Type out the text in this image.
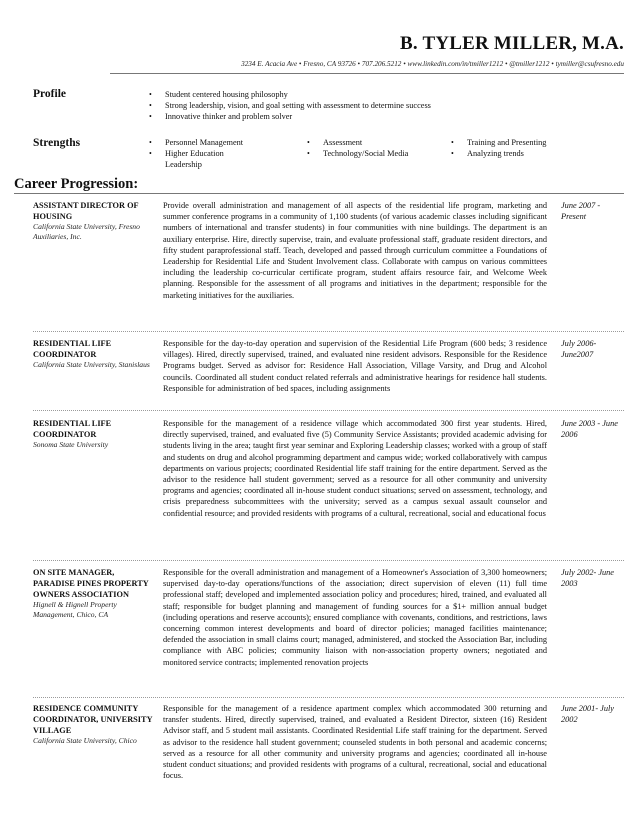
B. TYLER MILLER, M.A.
3234 E. Acacia Ave • Fresno, CA 93726 • 707.206.5212 • www.linkedin.com/in/tmiller1212 • @tmiller1212 • tymiller@csufresno.edu
Profile	• Student centered housing philosophy
• Strong leadership, vision, and goal setting with assessment to determine success
• Innovative thinker and problem solver
Strengths	• Personnel Management
• Higher Education Leadership
• Assessment
• Technology/Social Media
• Training and Presenting
• Analyzing trends
Career Progression:
ASSISTANT DIRECTOR OF HOUSING
California State University, Fresno Auxiliaries, Inc.
Provide overall administration and management of all aspects of the residential life program, marketing and summer conference programs in a community of 1,100 students (of various academic classes including significant numbers of international and transfer students) in four communities with nine buildings. The department is an auxiliary enterprise. Hire, directly supervise, train, and evaluate professional staff, graduate resident directors, and fifty student paraprofessional staff. Teach, developed and passed through curriculum committee a Foundations of Leadership for Residential Life and Student Involvement class. Collaborate with campus on various committees including the leadership co-curricular certificate program, student affairs resource fair, and Welcome Week planning. Responsible for the assessment of all programs and initiatives in the department; responsible for the marketing initiatives for the auxiliaries.
June 2007 - Present
RESIDENTIAL LIFE COORDINATOR
California State University, Stanislaus
Responsible for the day-to-day operation and supervision of the Residential Life Program (600 beds; 3 residence villages). Hired, directly supervised, trained, and evaluated nine resident advisors. Responsible for the Residence Programs budget. Served as advisor for: Residence Hall Association, Village Varsity, and Drug and Alcohol councils. Coordinated all student conduct related referrals and administrative hearings for residence hall students. Responsible for administration of bed spaces, including assignments
July 2006- June2007
RESIDENTIAL LIFE COORDINATOR
Sonoma State University
Responsible for the management of a residence village which accommodated 300 first year students. Hired, directly supervised, trained, and evaluated five (5) Community Service Assistants; provided academic advising for students living in the area; taught first year seminar and Exploring Leadership classes; worked with a group of staff and students on drug and alcohol programming department and campus wide; worked collaboratively with campus departments on various projects; coordinated Residential life staff training for the entire department. Served as the advisor to the residence hall student government; served as a resource for all other community and university programs and agencies; coordinated all in-house student conduct situations; served on assessment, technology, and crisis preparedness subcommittees with the university; served as a campus sexual assault counselor and confidential resource; and provided residents with programs of a cultural, recreational, social and educational focus
June 2003 - June 2006
ON SITE MANAGER, PARADISE PINES PROPERTY OWNERS ASSOCIATION
Hignell & Hignell Property Management, Chico, CA
Responsible for the overall administration and management of a Homeowner's Association of 3,300 homeowners; supervised day-to-day operations/functions of the association; direct supervision of eleven (11) full time professional staff; developed and implemented association policy and procedures; hired, trained, and evaluated all staff; responsible for budget planning and management of funding sources for a $1+ million annual budget (including operations and reserve accounts); ensured compliance with covenants, conditions, and restrictions, laws concerning common interest developments and board of director policies; managed facilities maintenance; defended the association in small claims court; managed, administered, and stocked the Association Bar, including compliance with ABC policies; community liaison with non-association property owners; negotiated and monitored service contracts; implemented renovation projects
July 2002- June 2003
RESIDENCE COMMUNITY COORDINATOR, UNIVERSITY VILLAGE
California State University, Chico
Responsible for the management of a residence apartment complex which accommodated 300 returning and transfer students. Hired, directly supervised, trained, and evaluated a Resident Director, sixteen (16) Resident Advisor staff, and 5 student mail assistants. Coordinated Residential Life staff training for the department. Served as advisor to the residence hall student government; counseled students in both personal and academic concerns; served as a resource for all other community and university programs and agencies; coordinated all in-house student conduct situations; and provided residents with programs of a cultural, recreational, social and educational focus.
June 2001- July 2002
